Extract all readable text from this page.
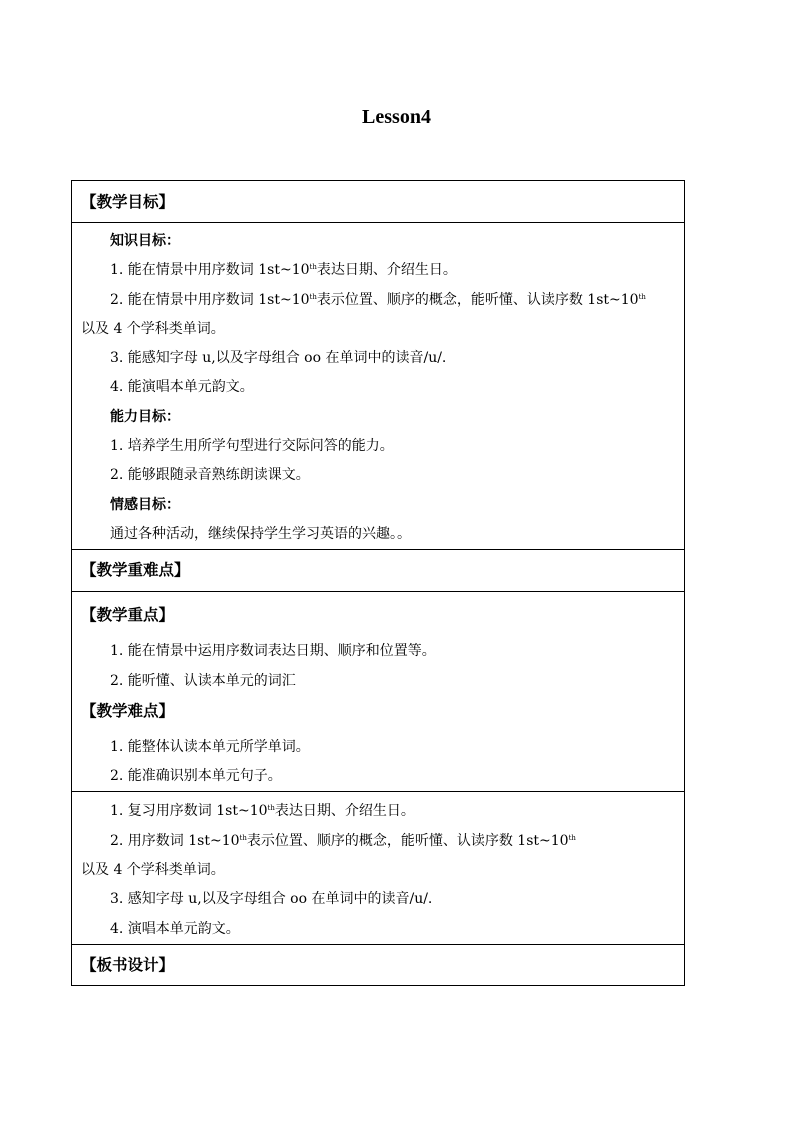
Lesson4
【教学目标】

知识目标：
1. 能在情景中用序数词 1st~10th表达日期、介绍生日。
2. 能在情景中用序数词 1st~10th表示位置、顺序的概念，能听懂、认读序数 1st~10th
以及 4 个学科类单词。
3. 能感知字母 u,以及字母组合 oo 在单词中的读音/u/.
4. 能演唱本单元韵文。
能力目标：
1. 培养学生用所学句型进行交际问答的能力。
2. 能够跟随录音熟练朗读课文。
情感目标：
通过各种活动，继续保持学生学习英语的兴趣。。

【教学重难点】

【教学重点】
1. 能在情景中运用序数词表达日期、顺序和位置等。
2. 能听懂、认读本单元的词汇
【教学难点】
1. 能整体认读本单元所学单词。
2. 能准确识别本单元句子。

1. 复习用序数词 1st~10th表达日期、介绍生日。
2. 用序数词 1st~10th表示位置、顺序的概念，能听懂、认读序数 1st~10th
以及 4 个学科类单词。
3. 感知字母 u,以及字母组合 oo 在单词中的读音/u/.
4. 演唱本单元韵文。

【板书设计】
